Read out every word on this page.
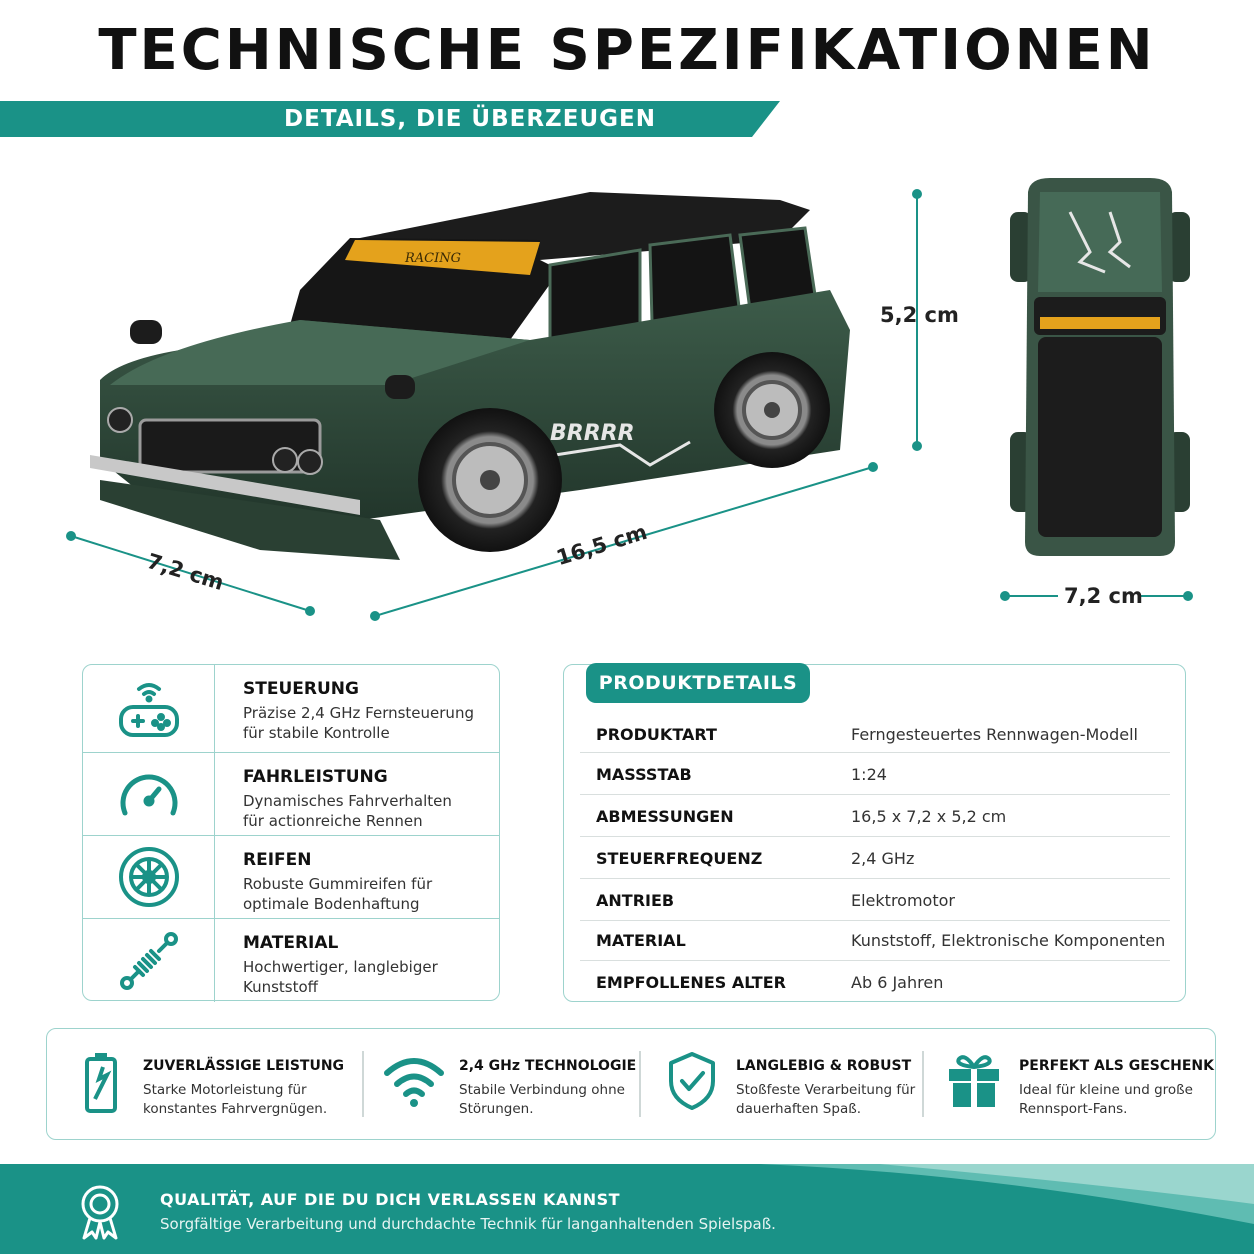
TECHNISCHE SPEZIFIKATIONEN
DETAILS, DIE ÜBERZEUGEN
RACING
BRRRR
5,2 cm
7,2 cm
16,5 cm
7,2 cm
STEUERUNG
Präzise 2,4 GHz Fernsteuerung
für stabile Kontrolle
FAHRLEISTUNG
Dynamisches Fahrverhalten
für actionreiche Rennen
REIFEN
Robuste Gummireifen für
optimale Bodenhaftung
MATERIAL
Hochwertiger, langlebiger
Kunststoff
PRODUKTDETAILS
PRODUKTART	Ferngesteuertes Rennwagen-Modell
MASSSTAB	1:24
ABMESSUNGEN	16,5 x 7,2 x 5,2 cm
STEUERFREQUENZ	2,4 GHz
ANTRIEB	Elektromotor
MATERIAL	Kunststoff, Elektronische Komponenten
EMPFOLLENES ALTER	Ab 6 Jahren
ZUVERLÄSSIGE LEISTUNG
Starke Motorleistung für
konstantes Fahrvergnügen.
2,4 GHz TECHNOLOGIE
Stabile Verbindung ohne
Störungen.
LANGLEBIG & ROBUST
Stoßfeste Verarbeitung für
dauerhaften Spaß.
PERFEKT ALS GESCHENK
Ideal für kleine und große
Rennsport-Fans.
QUALITÄT, AUF DIE DU DICH VERLASSEN KANNST
Sorgfältige Verarbeitung und durchdachte Technik für langanhaltenden Spielspaß.
